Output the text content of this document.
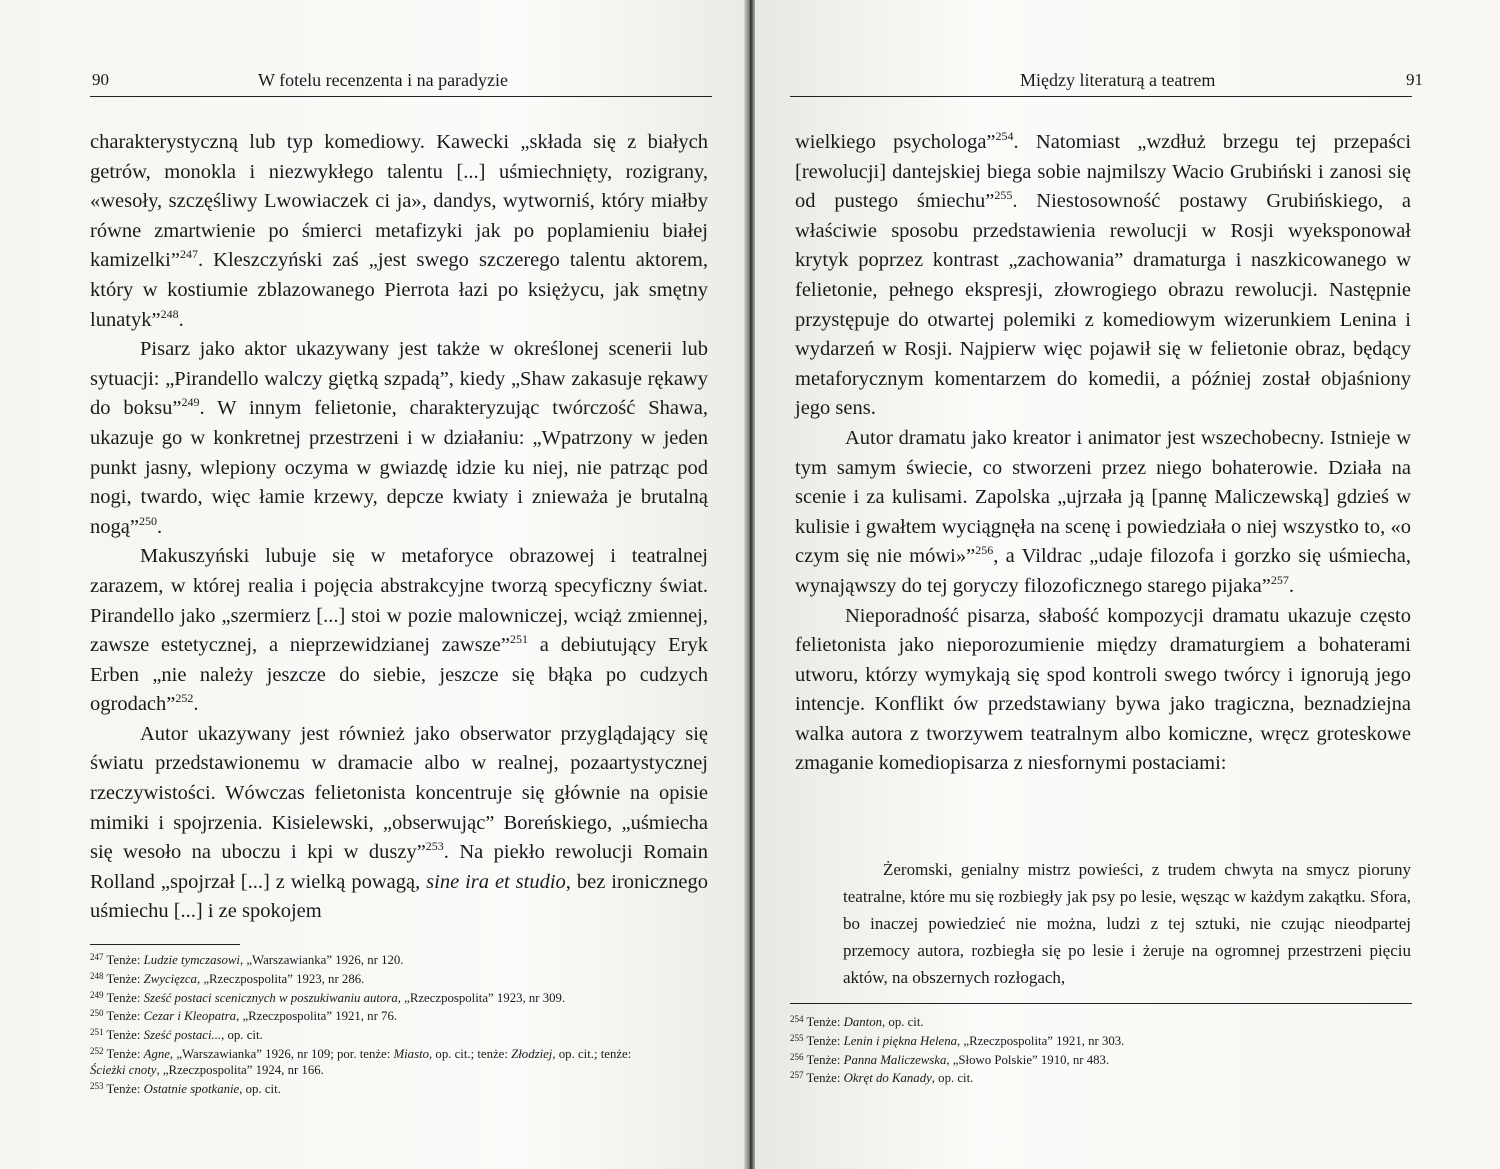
90	W fotelu recenzenta i na paradyzie

charakterystyczną lub typ komediowy. Kawecki „składa się z białych getrów, monokla i niezwykłego talentu [...] uśmiechnięty, rozigrany, «wesoły, szczęśliwy Lwowiaczek ci ja», dandys, wytworniś, który miałby równe zmartwienie po śmierci metafizyki jak po poplamieniu białej kamizelki”$^{247}$. Kleszczyński zaś „jest swego szczerego talentu aktorem, który w kostiumie zblazowanego Pierrota łazi po księżycu, jak smętny lunatyk”$^{248}$.

Pisarz jako aktor ukazywany jest także w określonej scenerii lub sytuacji: „Pirandello walczy giętką szpadą”, kiedy „Shaw zakasuje rękawy do boksu”$^{249}$. W innym felietonie, charakteryzując twórczość Shawa, ukazuje go w konkretnej przestrzeni i w działaniu: „Wpatrzony w jeden punkt jasny, wlepiony oczyma w gwiazdę idzie ku niej, nie patrząc pod nogi, twardo, więc łamie krzewy, depcze kwiaty i znieważa je brutalną nogą”$^{250}$.

Makuszyński lubuje się w metaforyce obrazowej i teatralnej zarazem, w której realia i pojęcia abstrakcyjne tworzą specyficzny świat. Pirandello jako „szermierz [...] stoi w pozie malowniczej, wciąż zmiennej, zawsze estetycznej, a nieprzewidzianej zawsze”$^{251}$ a debiutujący Eryk Erben „nie należy jeszcze do siebie, jeszcze się błąka po cudzych ogrodach”$^{252}$.

Autor ukazywany jest również jako obserwator przyglądający się światu przedstawionemu w dramacie albo w realnej, pozaartystycznej rzeczywistości. Wówczas felietonista koncentruje się głównie na opisie mimiki i spojrzenia. Kisielewski, „obserwując” Boreńskiego, „uśmiecha się wesoło na uboczu i kpi w duszy”$^{253}$. Na piekło rewolucji Romain Rolland „spojrzał [...] z wielką powagą, sine ira et studio, bez ironicznego uśmiechu [...] i ze spokojem

247 Tenże: Ludzie tymczasowi, „Warszawianka” 1926, nr 120.
248 Tenże: Zwycięzca, „Rzeczpospolita” 1923, nr 286.
249 Tenże: Sześć postaci scenicznych w poszukiwaniu autora, „Rzeczpospolita” 1923, nr 309.
250 Tenże: Cezar i Kleopatra, „Rzeczpospolita” 1921, nr 76.
251 Tenże: Sześć postaci..., op. cit.
252 Tenże: Agne, „Warszawianka” 1926, nr 109; por. tenże: Miasto, op. cit.; tenże: Złodziej, op. cit.; tenże:
Ścieżki cnoty, „Rzeczpospolita” 1924, nr 166.
253 Tenże: Ostatnie spotkanie, op. cit.
Między literaturą a teatrem	91

wielkiego psychologa”$^{254}$. Natomiast „wzdłuż brzegu tej przepaści [rewolucji] dantejskiej biega sobie najmilszy Wacio Grubiński i zanosi się od pustego śmiechu”$^{255}$. Niestosowność postawy Grubińskiego, a właściwie sposobu przedstawienia rewolucji w Rosji wyeksponował krytyk poprzez kontrast „zachowania” dramaturga i naszkicowanego w felietonie, pełnego ekspresji, złowrogiego obrazu rewolucji. Następnie przystępuje do otwartej polemiki z komediowym wizerunkiem Lenina i wydarzeń w Rosji. Najpierw więc pojawił się w felietonie obraz, będący metaforycznym komentarzem do komedii, a później został objaśniony jego sens.

Autor dramatu jako kreator i animator jest wszechobecny. Istnieje w tym samym świecie, co stworzeni przez niego bohaterowie. Działa na scenie i za kulisami. Zapolska „ujrzała ją [pannę Maliczewską] gdzieś w kulisie i gwałtem wyciągnęła na scenę i powiedziała o niej wszystko to, «o czym się nie mówi»”$^{256}$, a Vildrac „udaje filozofa i gorzko się uśmiecha, wynająwszy do tej goryczy filozoficznego starego pijaka”$^{257}$.

Nieporadność pisarza, słabość kompozycji dramatu ukazuje często felietonista jako nieporozumienie między dramaturgiem a bohaterami utworu, którzy wymykają się spod kontroli swego twórcy i ignorują jego intencje. Konflikt ów przedstawiany bywa jako tragiczna, beznadziejna walka autora z tworzywem teatralnym albo komiczne, wręcz groteskowe zmaganie komediopisarza z niesfornymi postaciami:

Żeromski, genialny mistrz powieści, z trudem chwyta na smycz pioruny teatralne, które mu się rozbiegły jak psy po lesie, węsząc w każdym zakątku. Sfora, bo inaczej powiedzieć nie można, ludzi z tej sztuki, nie czując nieodpartej przemocy autora, rozbiegła się po lesie i żeruje na ogromnej przestrzeni pięciu aktów, na obszernych rozłogach,

254 Tenże: Danton, op. cit.
255 Tenże: Lenin i piękna Helena, „Rzeczpospolita” 1921, nr 303.
256 Tenże: Panna Maliczewska, „Słowo Polskie” 1910, nr 483.
257 Tenże: Okręt do Kanady, op. cit.
